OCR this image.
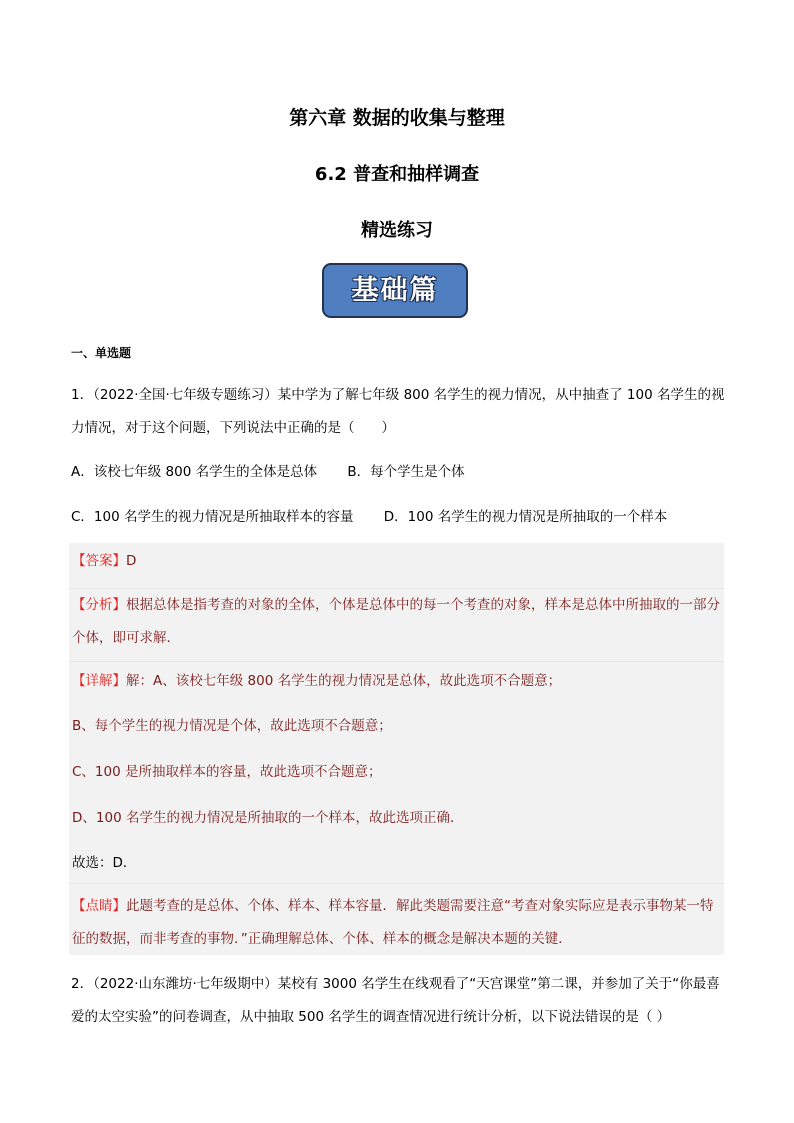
第六章 数据的收集与整理
6.2 普查和抽样调查
精选练习
基础篇
一、单选题
1．（2022·全国·七年级专题练习）某中学为了解七年级 800 名学生的视力情况，从中抽查了 100 名学生的视力情况，对于这个问题，下列说法中正确的是（　　）
A．该校七年级 800 名学生的全体是总体 B．每个学生是个体
C．100 名学生的视力情况是所抽取样本的容量 D．100 名学生的视力情况是所抽取的一个样本
【答案】D
【分析】根据总体是指考查的对象的全体，个体是总体中的每一个考查的对象，样本是总体中所抽取的一部分个体，即可求解．
【详解】解：A、该校七年级 800 名学生的视力情况是总体，故此选项不合题意；
B、每个学生的视力情况是个体，故此选项不合题意；
C、100 是所抽取样本的容量，故此选项不合题意；
D、100 名学生的视力情况是所抽取的一个样本，故此选项正确．
故选：D．
【点睛】此题考查的是总体、个体、样本、样本容量．解此类题需要注意“考查对象实际应是表示事物某一特征的数据，而非考查的事物．”正确理解总体、个体、样本的概念是解决本题的关键．
2．（2022·山东潍坊·七年级期中）某校有 3000 名学生在线观看了“天宫课堂”第二课，并参加了关于“你最喜爱的太空实验”的问卷调查，从中抽取 500 名学生的调查情况进行统计分析，以下说法错误的是（ ）
